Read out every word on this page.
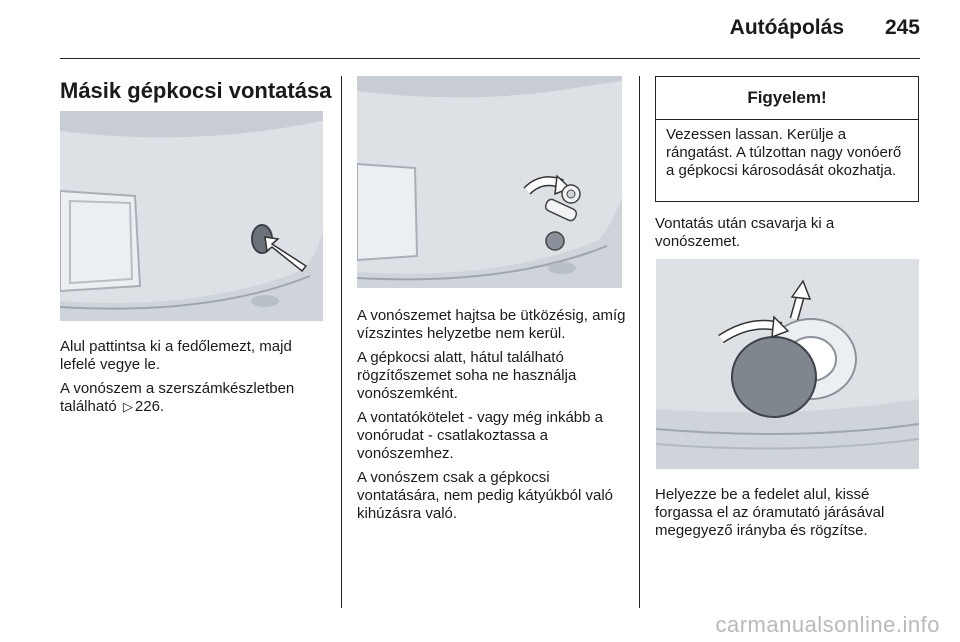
Autóápolás	245
Másik gépkocsi vontatása

Alul pattintsa ki a fedőlemezt, majd lefelé vegye le.

A vonószem a szerszámkészletben található ▷ 226.

A vonószemet hajtsa be ütközésig, amíg vízszintes helyzetbe nem kerül.

A gépkocsi alatt, hátul található rögzítőszemet soha ne használja vonószemként.

A vontatókötelet - vagy még inkább a vonórudat - csatlakoztassa a vonószemhez.

A vonószem csak a gépkocsi vontatására, nem pedig kátyúkból való kihúzásra való.

Figyelem!
Vezessen lassan. Kerülje a rángatást. A túlzottan nagy vonóerő a gépkocsi károsodását okozhatja.

Vontatás után csavarja ki a vonószemet.

Helyezze be a fedelet alul, kissé forgassa el az óramutató járásával megegyező irányba és rögzítse.

carmanualsonline.info
